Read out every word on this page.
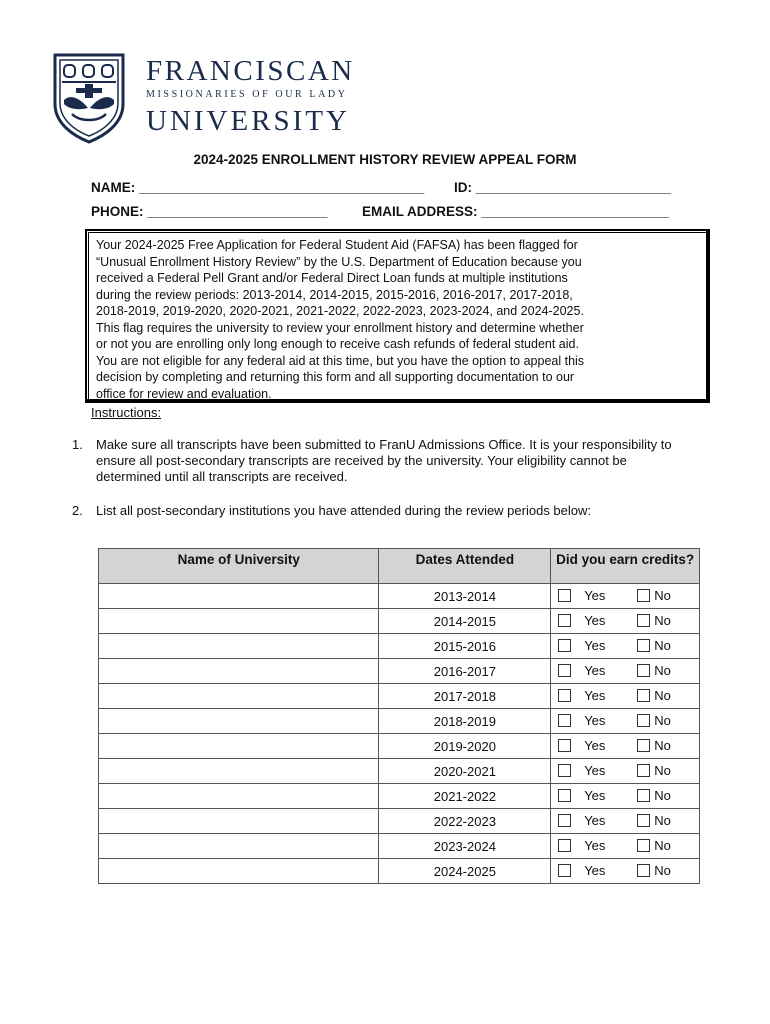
FRANCISCAN
MISSIONARIES OF OUR LADY
UNIVERSITY
2024-2025 ENROLLMENT HISTORY REVIEW APPEAL FORM
NAME: ______________________________________ ID: __________________________
PHONE: ________________________	EMAIL ADDRESS: _________________________
Your 2024-2025 Free Application for Federal Student Aid (FAFSA) has been flagged for
“Unusual Enrollment History Review” by the U.S. Department of Education because you
received a Federal Pell Grant and/or Federal Direct Loan funds at multiple institutions
during the review periods: 2013-2014, 2014-2015, 2015-2016, 2016-2017, 2017-2018,
2018-2019, 2019-2020, 2020-2021, 2021-2022, 2022-2023, 2023-2024, and 2024-2025.
This flag requires the university to review your enrollment history and determine whether
or not you are enrolling only long enough to receive cash refunds of federal student aid.
You are not eligible for any federal aid at this time, but you have the option to appeal this
decision by completing and returning this form and all supporting documentation to our
office for review and evaluation.
Instructions:
1. Make sure all transcripts have been submitted to FranU Admissions Office. It is your responsibility to
ensure all post-secondary transcripts are received by the university. Your eligibility cannot be
determined until all transcripts are received.
2. List all post-secondary institutions you have attended during the review periods below:
Name of University	Dates Attended	Did you earn credits?
	2013-2014	Yes No

	2014-2015	Yes No

	2015-2016	Yes No

	2016-2017	Yes No

	2017-2018	Yes No

	2018-2019	Yes No

	2019-2020	Yes No

	2020-2021	Yes No

	2021-2022	Yes No

	2022-2023	Yes No

	2023-2024	Yes No

	2024-2025	Yes No
